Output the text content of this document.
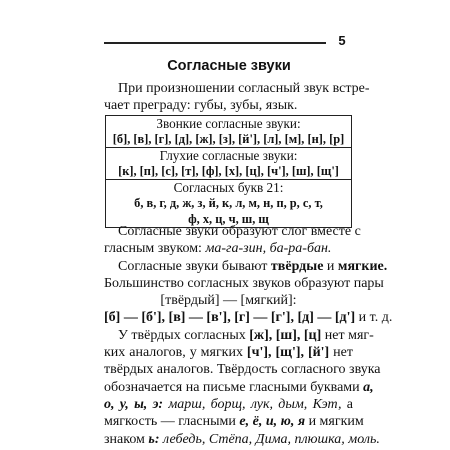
5
Согласные звуки
При произношении согласный звук встре-
чает преграду: губы, зубы, язык.
Звонкие согласные звуки:
[б], [в], [г], [д], [ж], [з], [й'], [л], [м], [н], [р]

Глухие согласные звуки:
[к], [п], [с], [т], [ф], [х], [ц], [ч'], [ш], [щ']

Согласных букв 21:
б, в, г, д, ж, з, й, к, л, м, н, п, р, с, т,
ф, х, ц, ч, ш, щ
Согласные звуки образуют слог вместе с
гласным звуком: ма-га-зин, ба-ра-бан.
Согласные звуки бывают твёрдые и мягкие.
Большинство согласных звуков образуют пары
[твёрдый] — [мягкий]:
[б] — [б'], [в] — [в'], [г] — [г'], [д] — [д'] и т. д.
У твёрдых согласных [ж], [ш], [ц] нет мяг-
ких аналогов, у мягких [ч'], [щ'], [й'] нет
твёрдых аналогов. Твёрдость согласного звука
обозначается на письме гласными буквами а,
о, у, ы, э: марш, борщ, лук, дым, Кэт, а
мягкость — гласными е, ё, и, ю, я и мягким
знаком ь: лебедь, Стёпа, Дима, плюшка, моль.
